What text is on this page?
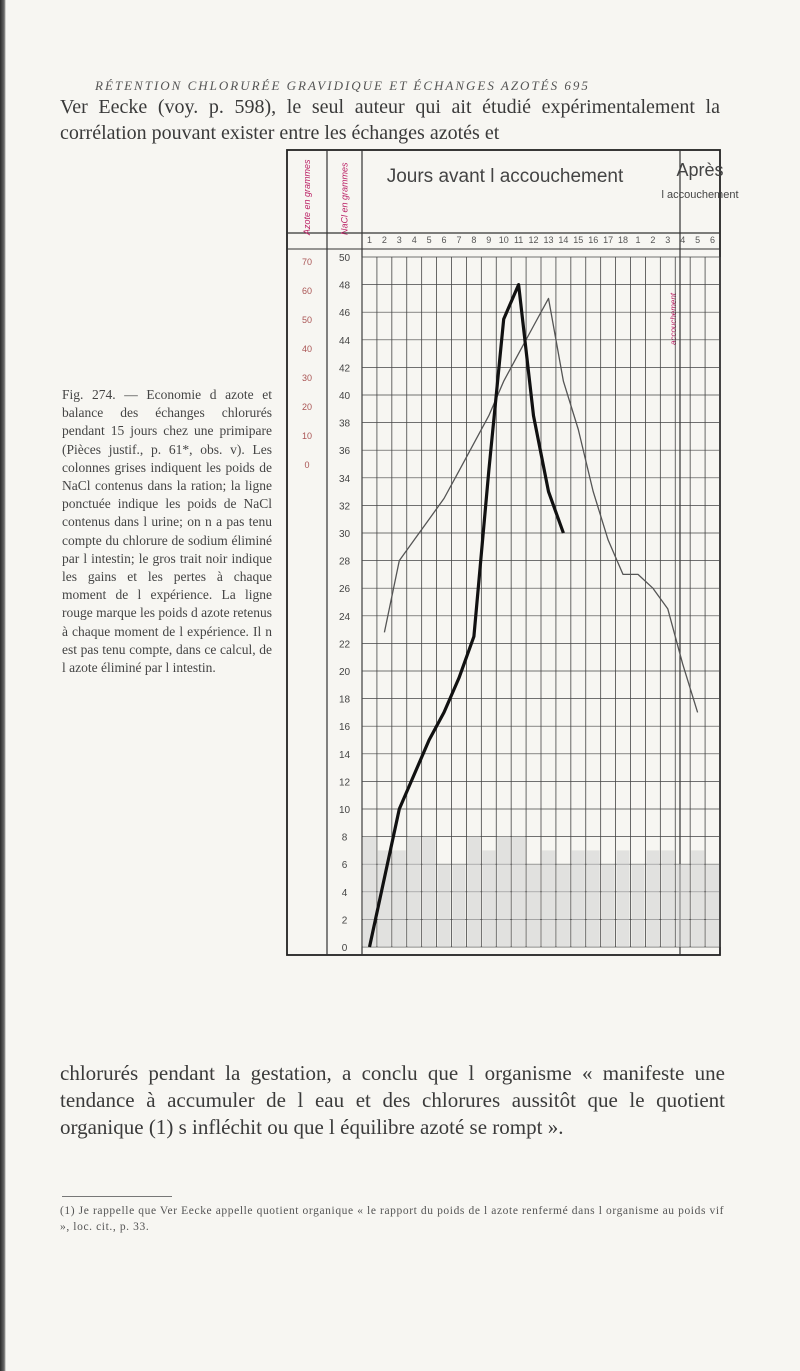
RÉTENTION CHLORURÉE GRAVIDIQUE ET ÉCHANGES AZOTÉS 695
Ver Eecke (voy. p. 598), le seul auteur qui ait étudié expérimentalement la corrélation pouvant exister entre les échanges azotés et
Fig. 274. — Economie d azote et balance des échanges chlorurés pendant 15 jours chez une primipare (Pièces justif., p. 61*, obs. v). Les colonnes grises indiquent les poids de NaCl contenus dans la ration; la ligne ponctuée indique les poids de NaCl contenus dans l urine; on n a pas tenu compte du chlorure de sodium éliminé par l intestin; le gros trait noir indique les gains et les pertes à chaque moment de l expérience. La ligne rouge marque les poids d azote retenus à chaque moment de l expérience. Il n est pas tenu compte, dans ce calcul, de l azote éliminé par l intestin.
Jours avant l accouchement	Après
l accouchement
Azote en grammes	NaCl en grammes
accouchement
1 2 3 4 5 6 7 8 9 10 11 12 13 14 15 16 17 18 1 2 3 4 5 6
50
48
46
44
42
40
38
36
34
32
30
28
26
24
22
20
18
16
14
12
10
8
6
4
2
0
70
60
50
40
30
20
10
0
chlorurés pendant la gestation, a conclu que l organisme « manifeste une tendance à accumuler de l eau et des chlorures aussitôt que le quotient organique (1) s infléchit ou que l équilibre azoté se rompt ».
(1) Je rappelle que Ver Eecke appelle quotient organique « le rapport du poids de l azote renfermé dans l organisme au poids vif », loc. cit., p. 33.
